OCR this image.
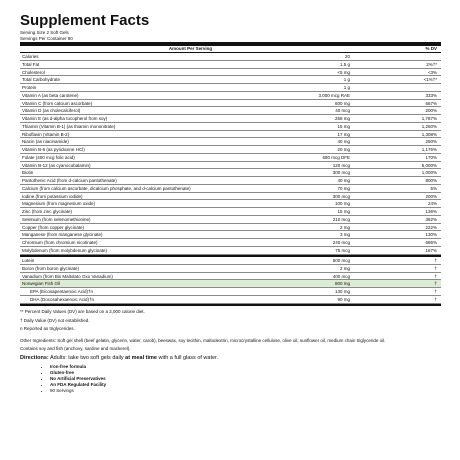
Supplement Facts
Serving Size 2 Soft Gels
Servings Per Container 90
Amount Per Serving	% DV
Calories	20
Total Fat	1.5 g	2%†*
Cholesterol	<5 mg	<3%
Total Carbohydrate	1 g	<1%†*
Protein	1 g
Vitamin A (as beta carotene)	3,000 mcg RAE	333%
Vitamin C (from calcium ascorbate)	600 mg	667%
Vitamin D (as cholecalciferol)	40 mcg	200%
Vitamin E (as d-alpha tocopherol from soy)	268 mg	1,787%
Thiamin (Vitamin B-1) (as thiamin mononitrate)	15 mg	1,250%
Riboflavin (Vitamin B-2)	17 mg	1,308%
Niacin (as niacinamide)	40 mg	250%
Vitamin B-6 (as pyridoxine HCl)	20 mg	1,176%
Folate (400 mcg folic acid)	680 mcg DFE	170%
Vitamin B-12 (as cyanocobalamin)	120 mcg	5,000%
Biotin	300 mcg	1,000%
Pantothenic Acid (from d-calcium pantothenate)	40 mg	800%
Calcium (from calcium ascorbate, dicalcium phosphate, and d-calcium pantothenate)	70 mg	5%
Iodine (from potassium iodide)	300 mcg	200%
Magnesium (from magnesium oxide)	100 mg	24%
Zinc (from zinc glycinate)	15 mg	136%
Selenium (from selenomethionine)	210 mcg	382%
Copper (from copper glycinate)	2 mg	222%
Manganese (from manganese glycinate)	3 mg	130%
Chromium (from chromium nicotinate)	240 mcg	686%
Molybdenum (from molybdenum glycinate)	75 mcg	167%
Lutein	500 mcg	†
Boron (from boron glycinate)	2 mg	†
Vanadium (from Bis Maltolato Oxo Vanadium)	400 mcg	†
Norwegian Fish Oil	800 mg	†
EPA (Eicosapentaenoic Acid)†n	130 mg	†
DHA (Docosahexaenoic Acid)†n	90 mg	†

** Percent Daily Values (DV) are based on a 2,000 calorie diet.

† Daily Value (DV) not established.

n Reported as triglycerides.

Other Ingredients: Soft gel shell (beef gelatin, glycerin, water, carob), beeswax, soy lecithin, maltodextrin, microcrystalline cellulose, olive oil, sunflower oil, medium chain triglyceride oil.

Contains soy and fish (anchovy, sardine and mackerel).

Directions: Adults: take two soft gels daily at meal time with a full glass of water.
• Iron-free formula
• Gluten-free
• No Artificial Preservatives
• An FDA Regulated Facility
• 90 Servings
